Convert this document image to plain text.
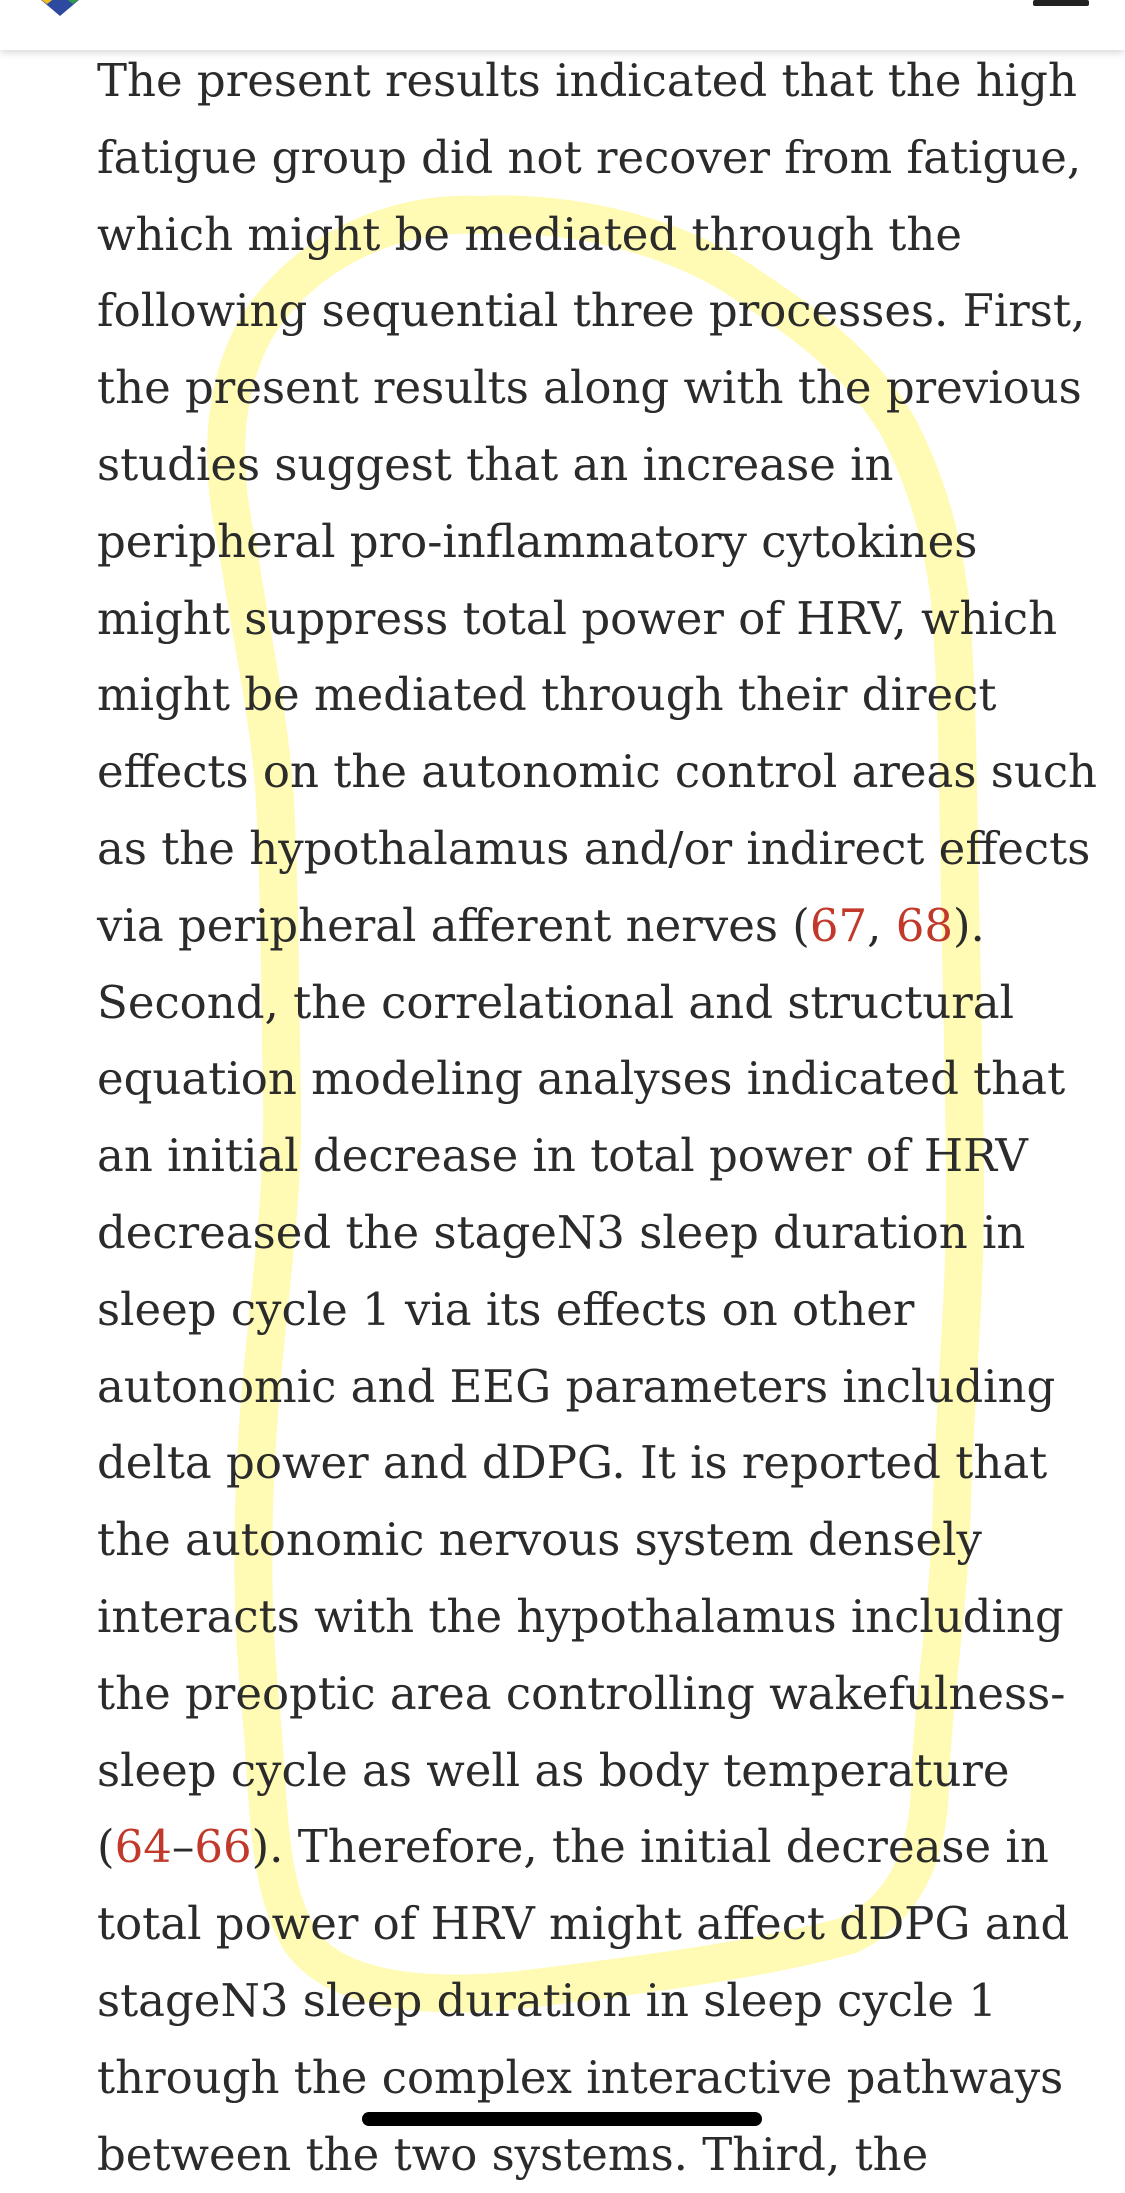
The present results indicated that the high
fatigue group did not recover from fatigue,
which might be mediated through the
following sequential three processes. First,
the present results along with the previous
studies suggest that an increase in
peripheral pro-inflammatory cytokines
might suppress total power of HRV, which
might be mediated through their direct
effects on the autonomic control areas such
as the hypothalamus and/or indirect effects
via peripheral afferent nerves (67, 68).
Second, the correlational and structural
equation modeling analyses indicated that
an initial decrease in total power of HRV
decreased the stageN3 sleep duration in
sleep cycle 1 via its effects on other
autonomic and EEG parameters including
delta power and dDPG. It is reported that
the autonomic nervous system densely
interacts with the hypothalamus including
the preoptic area controlling wakefulness-
sleep cycle as well as body temperature
(64–66). Therefore, the initial decrease in
total power of HRV might affect dDPG and
stageN3 sleep duration in sleep cycle 1
through the complex interactive pathways
between the two systems. Third, the
